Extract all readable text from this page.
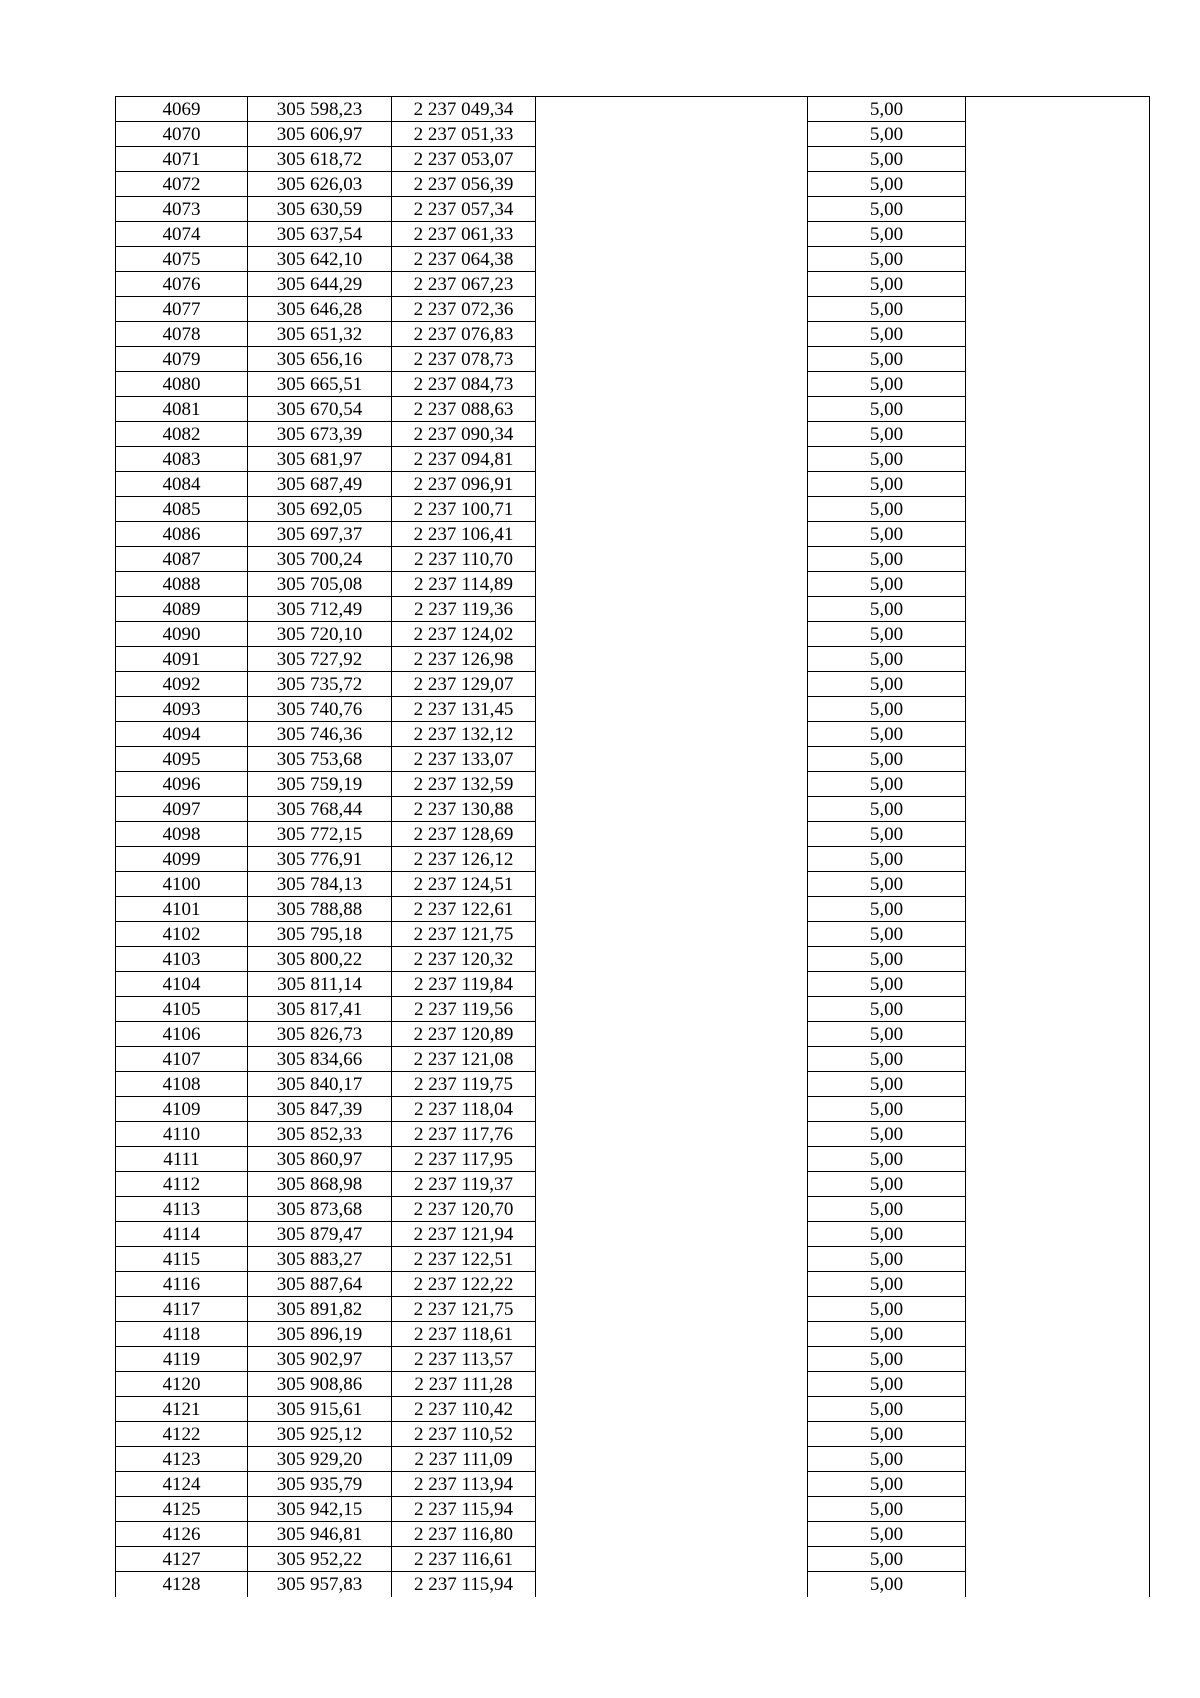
4069	305 598,23	2 237 049,34		5,00	
4070	305 606,97	2 237 051,33		5,00	
4071	305 618,72	2 237 053,07		5,00	
4072	305 626,03	2 237 056,39		5,00	
4073	305 630,59	2 237 057,34		5,00	
4074	305 637,54	2 237 061,33		5,00	
4075	305 642,10	2 237 064,38		5,00	
4076	305 644,29	2 237 067,23		5,00	
4077	305 646,28	2 237 072,36		5,00	
4078	305 651,32	2 237 076,83		5,00	
4079	305 656,16	2 237 078,73		5,00	
4080	305 665,51	2 237 084,73		5,00	
4081	305 670,54	2 237 088,63		5,00	
4082	305 673,39	2 237 090,34		5,00	
4083	305 681,97	2 237 094,81		5,00	
4084	305 687,49	2 237 096,91		5,00	
4085	305 692,05	2 237 100,71		5,00	
4086	305 697,37	2 237 106,41		5,00	
4087	305 700,24	2 237 110,70		5,00	
4088	305 705,08	2 237 114,89		5,00	
4089	305 712,49	2 237 119,36		5,00	
4090	305 720,10	2 237 124,02		5,00	
4091	305 727,92	2 237 126,98		5,00	
4092	305 735,72	2 237 129,07		5,00	
4093	305 740,76	2 237 131,45		5,00	
4094	305 746,36	2 237 132,12		5,00	
4095	305 753,68	2 237 133,07		5,00	
4096	305 759,19	2 237 132,59		5,00	
4097	305 768,44	2 237 130,88		5,00	
4098	305 772,15	2 237 128,69		5,00	
4099	305 776,91	2 237 126,12		5,00	
4100	305 784,13	2 237 124,51		5,00	
4101	305 788,88	2 237 122,61		5,00	
4102	305 795,18	2 237 121,75		5,00	
4103	305 800,22	2 237 120,32		5,00	
4104	305 811,14	2 237 119,84		5,00	
4105	305 817,41	2 237 119,56		5,00	
4106	305 826,73	2 237 120,89		5,00	
4107	305 834,66	2 237 121,08		5,00	
4108	305 840,17	2 237 119,75		5,00	
4109	305 847,39	2 237 118,04		5,00	
4110	305 852,33	2 237 117,76		5,00	
4111	305 860,97	2 237 117,95		5,00	
4112	305 868,98	2 237 119,37		5,00	
4113	305 873,68	2 237 120,70		5,00	
4114	305 879,47	2 237 121,94		5,00	
4115	305 883,27	2 237 122,51		5,00	
4116	305 887,64	2 237 122,22		5,00	
4117	305 891,82	2 237 121,75		5,00	
4118	305 896,19	2 237 118,61		5,00	
4119	305 902,97	2 237 113,57		5,00	
4120	305 908,86	2 237 111,28		5,00	
4121	305 915,61	2 237 110,42		5,00	
4122	305 925,12	2 237 110,52		5,00	
4123	305 929,20	2 237 111,09		5,00	
4124	305 935,79	2 237 113,94		5,00	
4125	305 942,15	2 237 115,94		5,00	
4126	305 946,81	2 237 116,80		5,00	
4127	305 952,22	2 237 116,61		5,00	
4128	305 957,83	2 237 115,94		5,00	
